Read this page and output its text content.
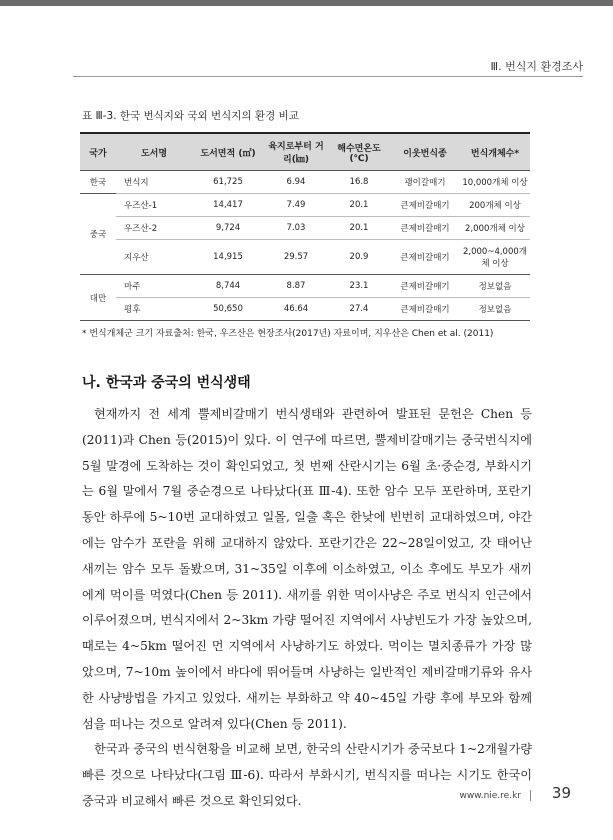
Ⅲ. 번식지 환경조사
표 Ⅲ-3. 한국 번식지와 국외 번식지의 환경 비교
국가	도서명	도서면적 (㎡)	육지로부터 거리(㎞)	해수면온도 (℃)	이웃번식종	번식개체수*
한국	번식지	61,725	6.94	16.8	괭이갈매기	10,000개체 이상
중국	우즈산-1	14,417	7.49	20.1	큰제비갈매기	200개체 이상
	우즈산-2	9,724	7.03	20.1	큰제비갈매기	2,000개체 이상
	지우산	14,915	29.57	20.9	큰제비갈매기	2,000~4,000개체 이상
대만	마주	8,744	8.87	23.1	큰제비갈매기	정보없음
	평후	50,650	46.64	27.4	큰제비갈매기	정보없음
* 번식개체군 크기 자료출처: 한국, 우즈산은 현장조사(2017년) 자료이며, 지우산은 Chen et al. (2011)
나. 한국과 중국의 번식생태

현재까지 전 세계 뿔제비갈매기 번식생태와 관련하여 발표된 문헌은 Chen 등(2011)과 Chen 등(2015)이 있다. 이 연구에 따르면, 뿔제비갈매기는 중국번식지에 5월 말경에 도착하는 것이 확인되었고, 첫 번째 산란시기는 6월 초·중순경, 부화시기는 6월 말에서 7월 중순경으로 나타났다(표 Ⅲ-4). 또한 암수 모두 포란하며, 포란기 동안 하루에 5~10번 교대하였고 일몰, 일출 혹은 한낮에 빈번히 교대하였으며, 야간에는 암수가 포란을 위해 교대하지 않았다. 포란기간은 22~28일이었고, 갓 태어난 새끼는 암수 모두 돌봤으며, 31~35일 이후에 이소하였고, 이소 후에도 부모가 새끼에게 먹이를 먹였다(Chen 등 2011). 새끼를 위한 먹이사냥은 주로 번식지 인근에서 이루어졌으며, 번식지에서 2~3km 가량 떨어진 지역에서 사냥빈도가 가장 높았으며, 때로는 4~5km 떨어진 먼 지역에서 사냥하기도 하였다. 먹이는 멸치종류가 가장 많았으며, 7~10m 높이에서 바다에 뛰어들며 사냥하는 일반적인 제비갈매기류와 유사한 사냥방법을 가지고 있었다. 새끼는 부화하고 약 40~45일 가량 후에 부모와 함께 섬을 떠나는 것으로 알려져 있다(Chen 등 2011).

한국과 중국의 번식현황을 비교해 보면, 한국의 산란시기가 중국보다 1~2개월가량 빠른 것으로 나타났다(그림 Ⅲ-6). 따라서 부화시기, 번식지를 떠나는 시기도 한국이 중국과 비교해서 빠른 것으로 확인되었다.	www.nie.re.kr 39
